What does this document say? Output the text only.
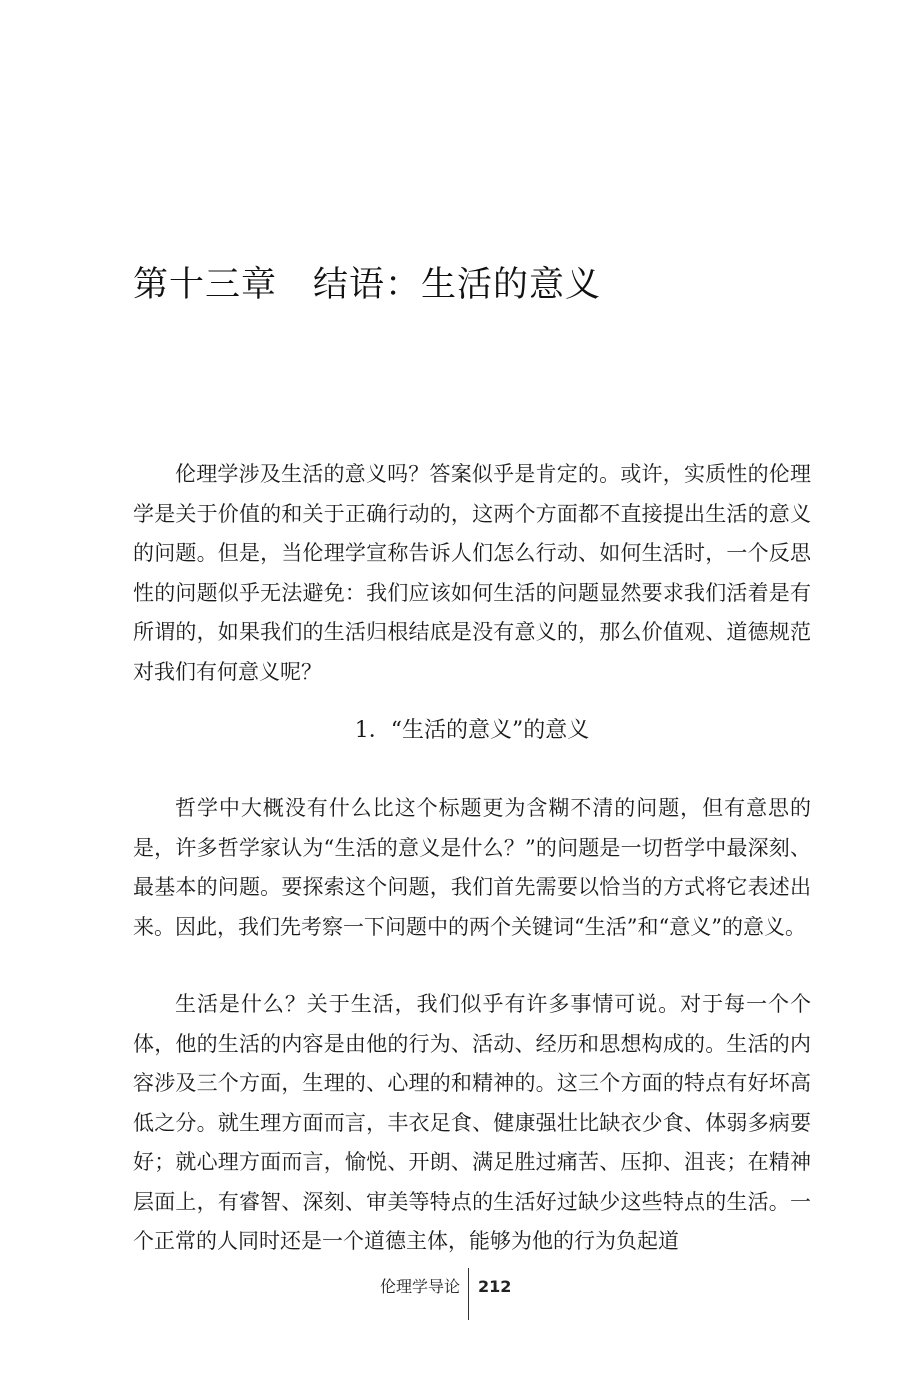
第十三章 结语：生活的意义

伦理学涉及生活的意义吗？答案似乎是肯定的。或许，实质性的伦理学是关于价值的和关于正确行动的，这两个方面都不直接提出生活的意义的问题。但是，当伦理学宣称告诉人们怎么行动、如何生活时，一个反思性的问题似乎无法避免：我们应该如何生活的问题显然要求我们活着是有所谓的，如果我们的生活归根结底是没有意义的，那么价值观、道德规范对我们有何意义呢？

1．“生活的意义”的意义

哲学中大概没有什么比这个标题更为含糊不清的问题，但有意思的是，许多哲学家认为“生活的意义是什么？”的问题是一切哲学中最深刻、最基本的问题。要探索这个问题，我们首先需要以恰当的方式将它表述出来。因此，我们先考察一下问题中的两个关键词“生活”和“意义”的意义。

生活是什么？关于生活，我们似乎有许多事情可说。对于每一个个体，他的生活的内容是由他的行为、活动、经历和思想构成的。生活的内容涉及三个方面，生理的、心理的和精神的。这三个方面的特点有好坏高低之分。就生理方面而言，丰衣足食、健康强壮比缺衣少食、体弱多病要好；就心理方面而言，愉悦、开朗、满足胜过痛苦、压抑、沮丧；在精神层面上，有睿智、深刻、审美等特点的生活好过缺少这些特点的生活。一个正常的人同时还是一个道德主体，能够为他的行为负起道

伦理学导论 212
